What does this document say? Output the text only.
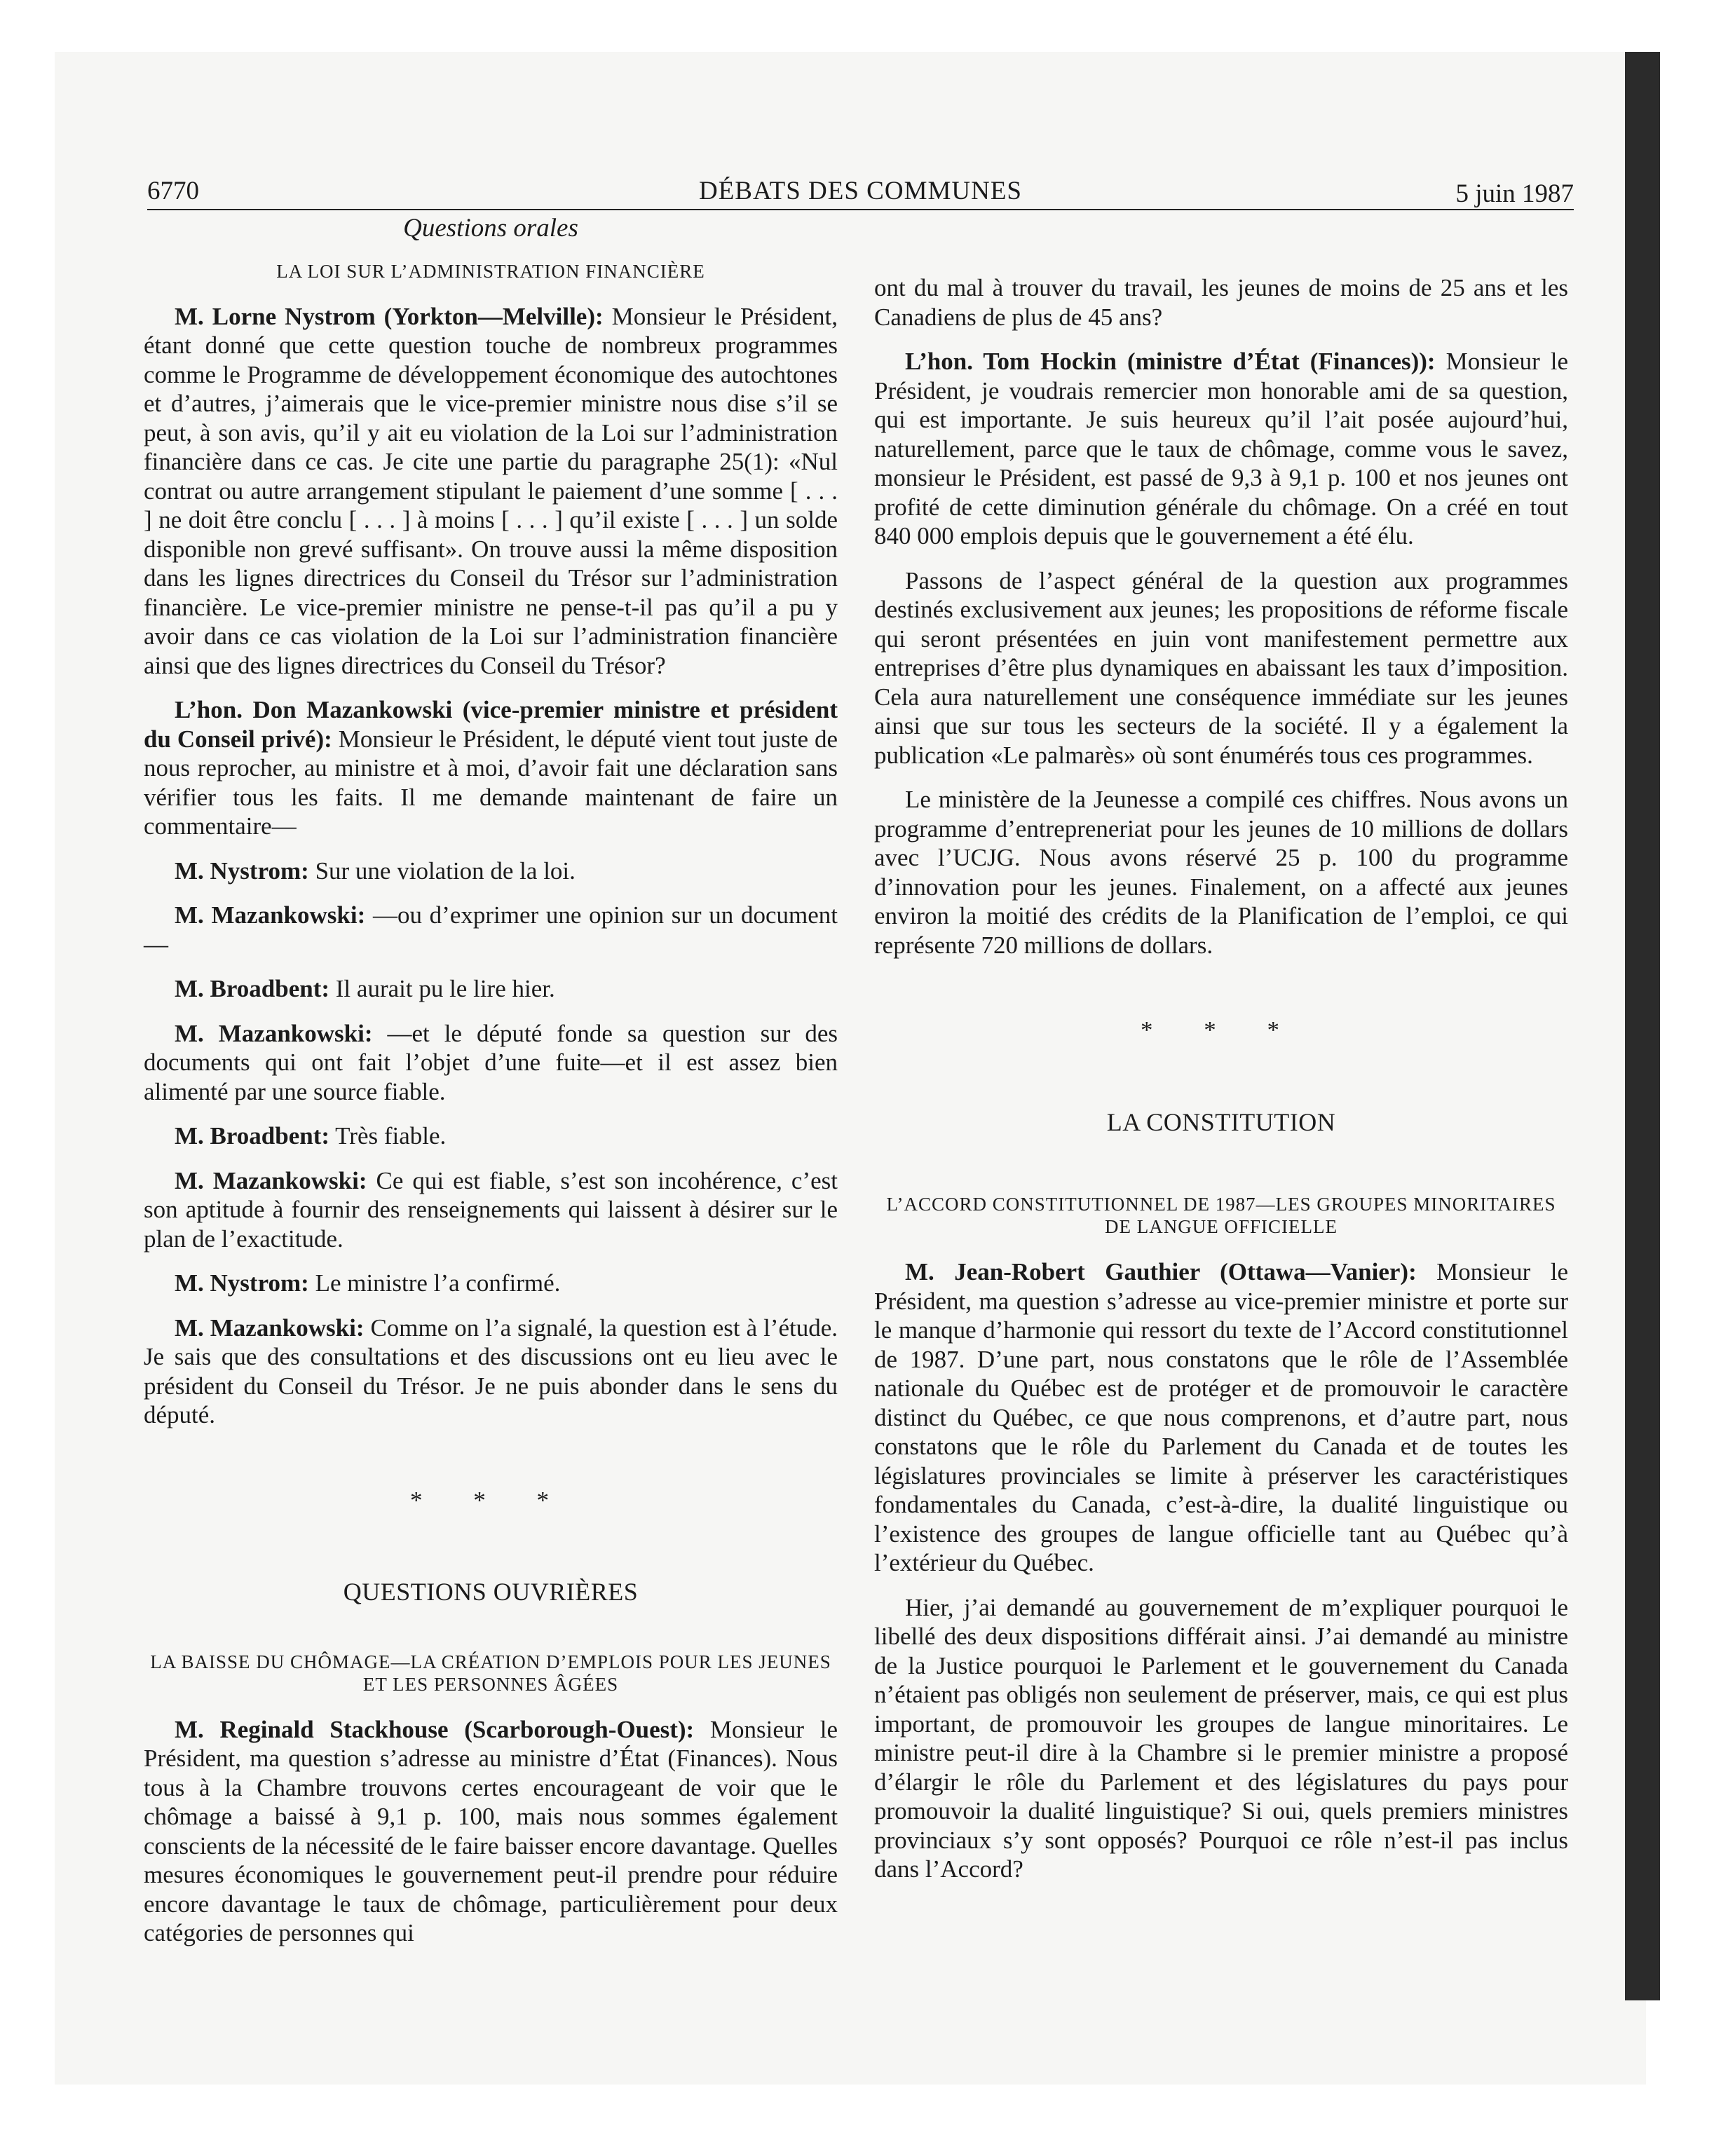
6770	DÉBATS DES COMMUNES	5 juin 1987
Questions orales
LA LOI SUR L’ADMINISTRATION FINANCIÈRE

M. Lorne Nystrom (Yorkton—Melville): Monsieur le Président, étant donné que cette question touche de nombreux programmes comme le Programme de développement économique des autochtones et d’autres, j’aimerais que le vice-premier ministre nous dise s’il se peut, à son avis, qu’il y ait eu violation de la Loi sur l’administration financière dans ce cas. Je cite une partie du paragraphe 25(1): «Nul contrat ou autre arrangement stipulant le paiement d’une somme [ . . . ] ne doit être conclu [ . . . ] à moins [ . . . ] qu’il existe [ . . . ] un solde disponible non grevé suffisant». On trouve aussi la même disposition dans les lignes directrices du Conseil du Trésor sur l’administration financière. Le vice-premier ministre ne pense-t-il pas qu’il a pu y avoir dans ce cas violation de la Loi sur l’administration financière ainsi que des lignes directrices du Conseil du Trésor?

L’hon. Don Mazankowski (vice-premier ministre et président du Conseil privé): Monsieur le Président, le député vient tout juste de nous reprocher, au ministre et à moi, d’avoir fait une déclaration sans vérifier tous les faits. Il me demande maintenant de faire un commentaire—

M. Nystrom: Sur une violation de la loi.

M. Mazankowski: —ou d’exprimer une opinion sur un document—

M. Broadbent: Il aurait pu le lire hier.

M. Mazankowski: —et le député fonde sa question sur des documents qui ont fait l’objet d’une fuite—et il est assez bien alimenté par une source fiable.

M. Broadbent: Très fiable.

M. Mazankowski: Ce qui est fiable, s’est son incohérence, c’est son aptitude à fournir des renseignements qui laissent à désirer sur le plan de l’exactitude.

M. Nystrom: Le ministre l’a confirmé.

M. Mazankowski: Comme on l’a signalé, la question est à l’étude. Je sais que des consultations et des discussions ont eu lieu avec le président du Conseil du Trésor. Je ne puis abonder dans le sens du député.

* * *
QUESTIONS OUVRIÈRES
LA BAISSE DU CHÔMAGE—LA CRÉATION D’EMPLOIS POUR LES JEUNES ET LES PERSONNES ÂGÉES

M. Reginald Stackhouse (Scarborough-Ouest): Monsieur le Président, ma question s’adresse au ministre d’État (Finances). Nous tous à la Chambre trouvons certes encourageant de voir que le chômage a baissé à 9,1 p. 100, mais nous sommes également conscients de la nécessité de le faire baisser encore davantage. Quelles mesures économiques le gouvernement peut-il prendre pour réduire encore davantage le taux de chômage, particulièrement pour deux catégories de personnes qui

ont du mal à trouver du travail, les jeunes de moins de 25 ans et les Canadiens de plus de 45 ans?

L’hon. Tom Hockin (ministre d’État (Finances)): Monsieur le Président, je voudrais remercier mon honorable ami de sa question, qui est importante. Je suis heureux qu’il l’ait posée aujourd’hui, naturellement, parce que le taux de chômage, comme vous le savez, monsieur le Président, est passé de 9,3 à 9,1 p. 100 et nos jeunes ont profité de cette diminution générale du chômage. On a créé en tout 840 000 emplois depuis que le gouvernement a été élu.

Passons de l’aspect général de la question aux programmes destinés exclusivement aux jeunes; les propositions de réforme fiscale qui seront présentées en juin vont manifestement permettre aux entreprises d’être plus dynamiques en abaissant les taux d’imposition. Cela aura naturellement une conséquence immédiate sur les jeunes ainsi que sur tous les secteurs de la société. Il y a également la publication «Le palmarès» où sont énumérés tous ces programmes.

Le ministère de la Jeunesse a compilé ces chiffres. Nous avons un programme d’entrepreneriat pour les jeunes de 10 millions de dollars avec l’UCJG. Nous avons réservé 25 p. 100 du programme d’innovation pour les jeunes. Finalement, on a affecté aux jeunes environ la moitié des crédits de la Planification de l’emploi, ce qui représente 720 millions de dollars.

* * *
LA CONSTITUTION
L’ACCORD CONSTITUTIONNEL DE 1987—LES GROUPES MINORITAIRES DE LANGUE OFFICIELLE

M. Jean-Robert Gauthier (Ottawa—Vanier): Monsieur le Président, ma question s’adresse au vice-premier ministre et porte sur le manque d’harmonie qui ressort du texte de l’Accord constitutionnel de 1987. D’une part, nous constatons que le rôle de l’Assemblée nationale du Québec est de protéger et de promouvoir le caractère distinct du Québec, ce que nous comprenons, et d’autre part, nous constatons que le rôle du Parlement du Canada et de toutes les législatures provinciales se limite à préserver les caractéristiques fondamentales du Canada, c’est-à-dire, la dualité linguistique ou l’existence des groupes de langue officielle tant au Québec qu’à l’extérieur du Québec.

Hier, j’ai demandé au gouvernement de m’expliquer pourquoi le libellé des deux dispositions différait ainsi. J’ai demandé au ministre de la Justice pourquoi le Parlement et le gouvernement du Canada n’étaient pas obligés non seulement de préserver, mais, ce qui est plus important, de promouvoir les groupes de langue minoritaires. Le ministre peut-il dire à la Chambre si le premier ministre a proposé d’élargir le rôle du Parlement et des législatures du pays pour promouvoir la dualité linguistique? Si oui, quels premiers ministres provinciaux s’y sont opposés? Pourquoi ce rôle n’est-il pas inclus dans l’Accord?
